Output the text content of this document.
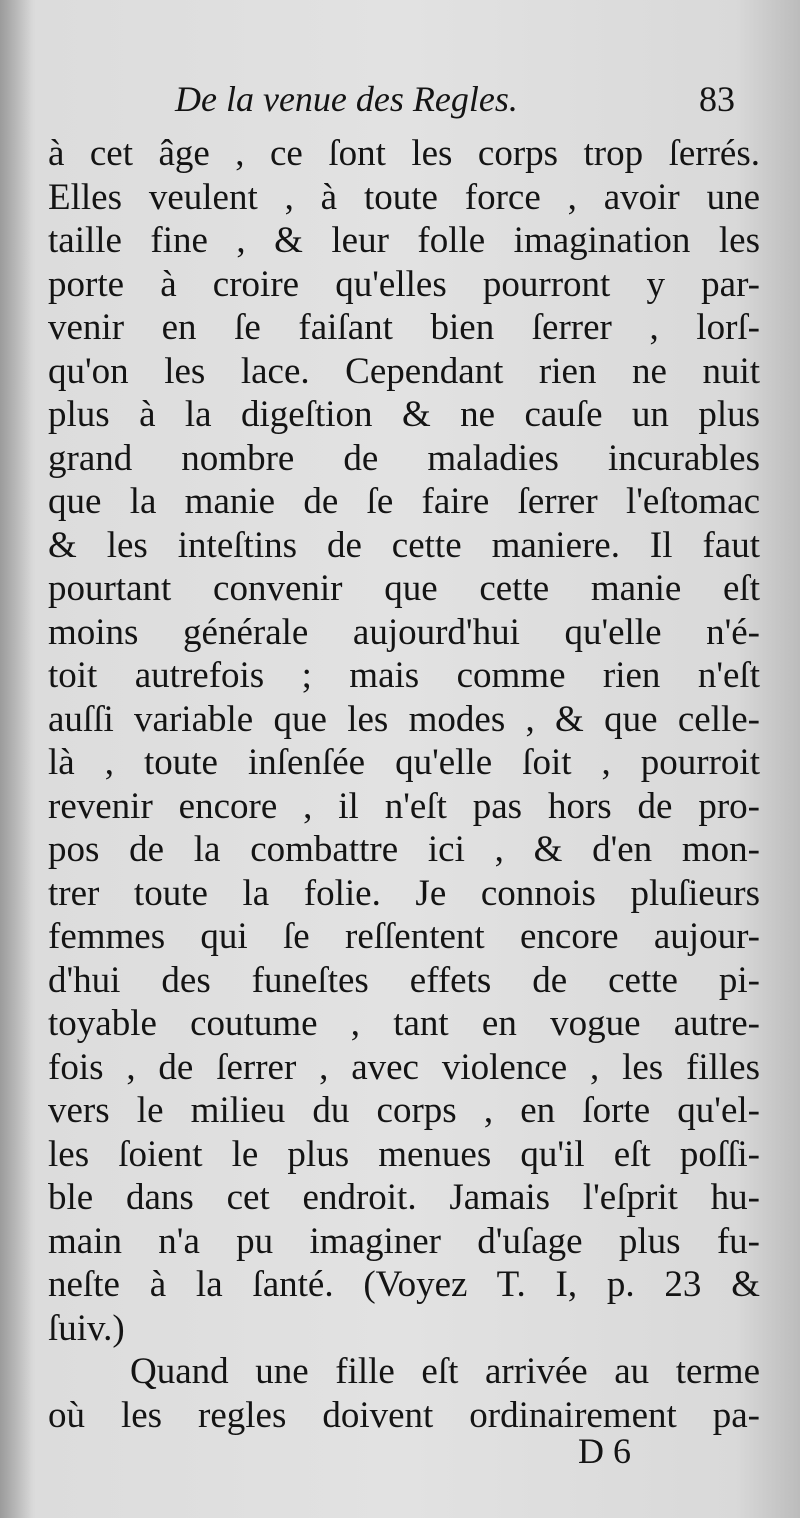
De la venue des Regles.	83
à cet âge , ce ſont les corps trop ſerrés.
Elles veulent , à toute force , avoir une
taille fine , & leur folle imagination les
porte à croire qu'elles pourront y par-
venir en ſe faiſant bien ſerrer , lorſ-
qu'on les lace. Cependant rien ne nuit
plus à la digeſtion & ne cauſe un plus
grand nombre de maladies incurables
que la manie de ſe faire ſerrer l'eſtomac
& les inteſtins de cette maniere. Il faut
pourtant convenir que cette manie eſt
moins générale aujourd'hui qu'elle n'é-
toit autrefois ; mais comme rien n'eſt
auſſi variable que les modes , & que celle-
là , toute inſenſée qu'elle ſoit , pourroit
revenir encore , il n'eſt pas hors de pro-
pos de la combattre ici , & d'en mon-
trer toute la folie. Je connois pluſieurs
femmes qui ſe reſſentent encore aujour-
d'hui des funeſtes effets de cette pi-
toyable coutume , tant en vogue autre-
fois , de ſerrer , avec violence , les filles
vers le milieu du corps , en ſorte qu'el-
les ſoient le plus menues qu'il eſt poſſi-
ble dans cet endroit. Jamais l'eſprit hu-
main n'a pu imaginer d'uſage plus fu-
neſte à la ſanté. (Voyez T. I, p. 23 &
ſuiv.)
Quand une fille eſt arrivée au terme
où les regles doivent ordinairement pa-
D 6
